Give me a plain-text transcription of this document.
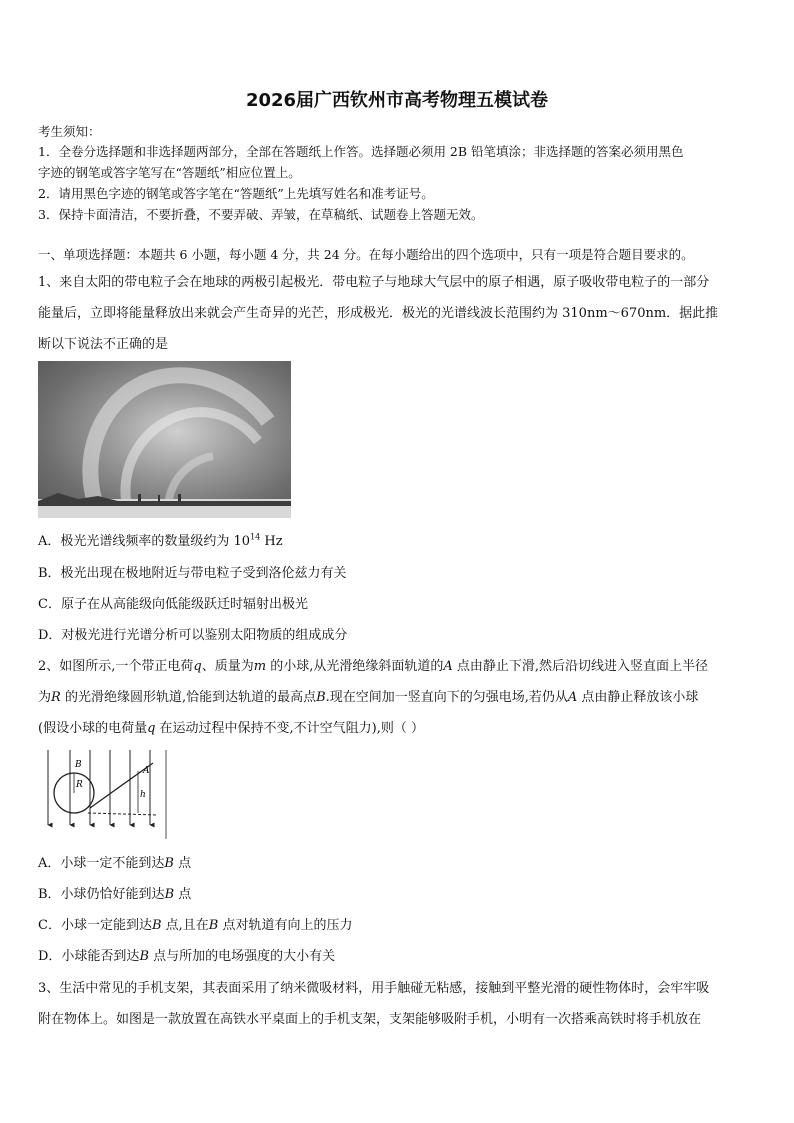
2026届广西钦州市高考物理五模试卷
考生须知：
1．全卷分选择题和非选择题两部分，全部在答题纸上作答。选择题必须用 2B 铅笔填涂；非选择题的答案必须用黑色
字迹的钢笔或答字笔写在“答题纸”相应位置上。
2．请用黑色字迹的钢笔或答字笔在“答题纸”上先填写姓名和准考证号。
3．保持卡面清洁，不要折叠，不要弄破、弄皱，在草稿纸、试题卷上答题无效。
一、单项选择题：本题共 6 小题，每小题 4 分，共 24 分。在每小题给出的四个选项中，只有一项是符合题目要求的。
1、来自太阳的带电粒子会在地球的两极引起极光．带电粒子与地球大气层中的原子相遇，原子吸收带电粒子的一部分
能量后，立即将能量释放出来就会产生奇异的光芒，形成极光．极光的光谱线波长范围约为 310nm～670nm．据此推
断以下说法不正确的是
A．极光光谱线频率的数量级约为 $10^{14}$ Hz
B．极光出现在极地附近与带电粒子受到洛伦兹力有关
C．原子在从高能级向低能级跃迁时辐射出极光
D．对极光进行光谱分析可以鉴别太阳物质的组成成分
2、如图所示,一个带正电荷q、质量为m 的小球,从光滑绝缘斜面轨道的A 点由静止下滑,然后沿切线进入竖直面上半径
为R 的光滑绝缘圆形轨道,恰能到达轨道的最高点B.现在空间加一竖直向下的匀强电场,若仍从A 点由静止释放该小球
(假设小球的电荷量q 在运动过程中保持不变,不计空气阻力),则（ ）
B
R
A
h
A．小球一定不能到达B 点
B．小球仍恰好能到达B 点
C．小球一定能到达B 点,且在B 点对轨道有向上的压力
D．小球能否到达B 点与所加的电场强度的大小有关
3、生活中常见的手机支架，其表面采用了纳米微吸材料，用手触碰无粘感，接触到平整光滑的硬性物体时，会牢牢吸
附在物体上。如图是一款放置在高铁水平桌面上的手机支架，支架能够吸附手机，小明有一次搭乘高铁时将手机放在
